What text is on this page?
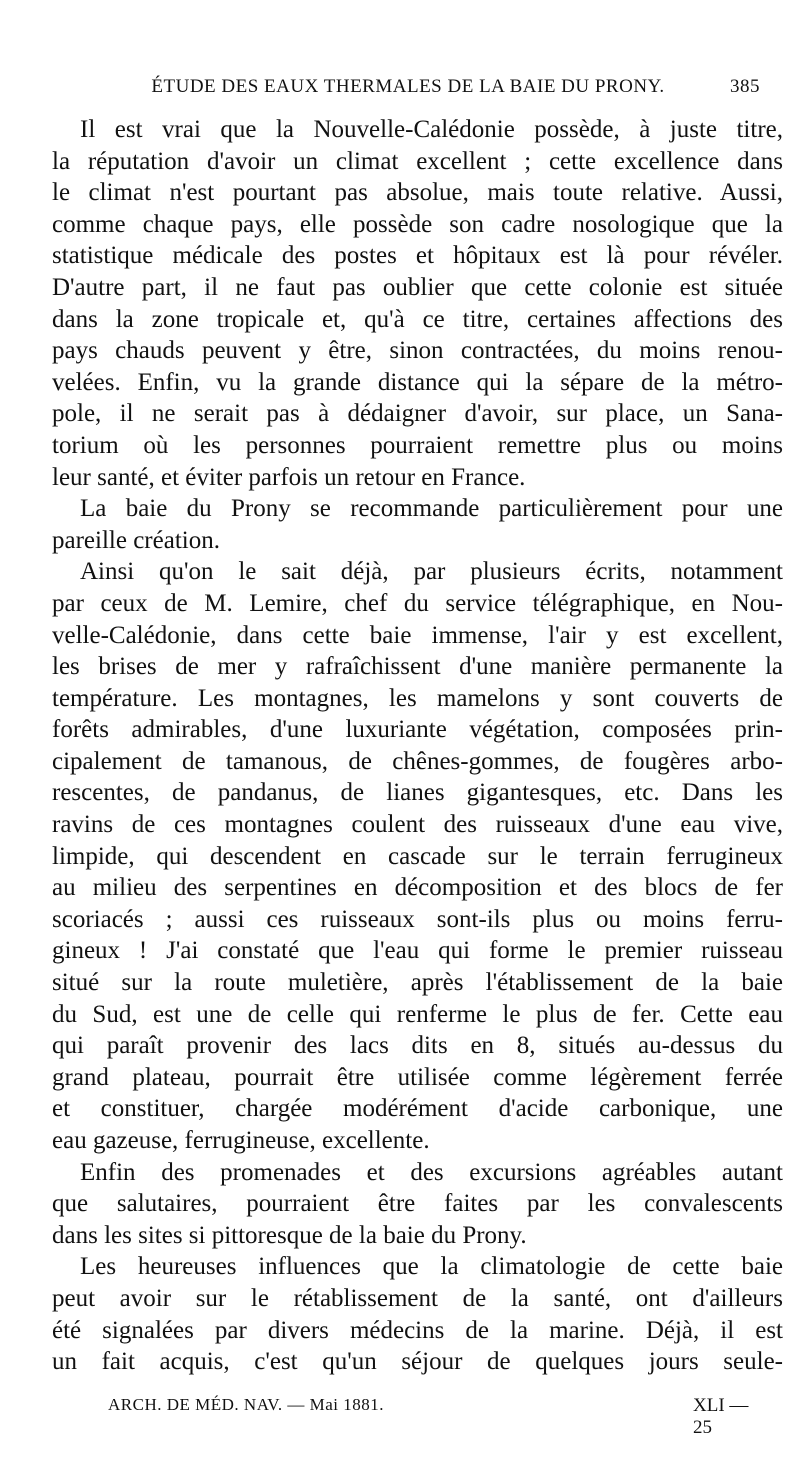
ÉTUDE DES EAUX THERMALES DE LA BAIE DU PRONY.	385

Il est vrai que la Nouvelle-Calédonie possède, à juste titre,
la réputation d'avoir un climat excellent ; cette excellence dans
le climat n'est pourtant pas absolue, mais toute relative. Aussi,
comme chaque pays, elle possède son cadre nosologique que la
statistique médicale des postes et hôpitaux est là pour révéler.
D'autre part, il ne faut pas oublier que cette colonie est située
dans la zone tropicale et, qu'à ce titre, certaines affections des
pays chauds peuvent y être, sinon contractées, du moins renou-
velées. Enfin, vu la grande distance qui la sépare de la métro-
pole, il ne serait pas à dédaigner d'avoir, sur place, un Sana-
torium où les personnes pourraient remettre plus ou moins
leur santé, et éviter parfois un retour en France.

La baie du Prony se recommande particulièrement pour une
pareille création.

Ainsi qu'on le sait déjà, par plusieurs écrits, notamment
par ceux de M. Lemire, chef du service télégraphique, en Nou-
velle-Calédonie, dans cette baie immense, l'air y est excellent,
les brises de mer y rafraîchissent d'une manière permanente la
température. Les montagnes, les mamelons y sont couverts de
forêts admirables, d'une luxuriante végétation, composées prin-
cipalement de tamanous, de chênes-gommes, de fougères arbo-
rescentes, de pandanus, de lianes gigantesques, etc. Dans les
ravins de ces montagnes coulent des ruisseaux d'une eau vive,
limpide, qui descendent en cascade sur le terrain ferrugineux
au milieu des serpentines en décomposition et des blocs de fer
scoriacés ; aussi ces ruisseaux sont-ils plus ou moins ferru-
gineux ! J'ai constaté que l'eau qui forme le premier ruisseau
situé sur la route muletière, après l'établissement de la baie
du Sud, est une de celle qui renferme le plus de fer. Cette eau
qui paraît provenir des lacs dits en 8, situés au-dessus du
grand plateau, pourrait être utilisée comme légèrement ferrée
et constituer, chargée modérément d'acide carbonique, une
eau gazeuse, ferrugineuse, excellente.

Enfin des promenades et des excursions agréables autant
que salutaires, pourraient être faites par les convalescents
dans les sites si pittoresque de la baie du Prony.

Les heureuses influences que la climatologie de cette baie
peut avoir sur le rétablissement de la santé, ont d'ailleurs
été signalées par divers médecins de la marine. Déjà, il est
un fait acquis, c'est qu'un séjour de quelques jours seule-

ARCH. DE MÉD. NAV. — Mai 1881.	XLI — 25
